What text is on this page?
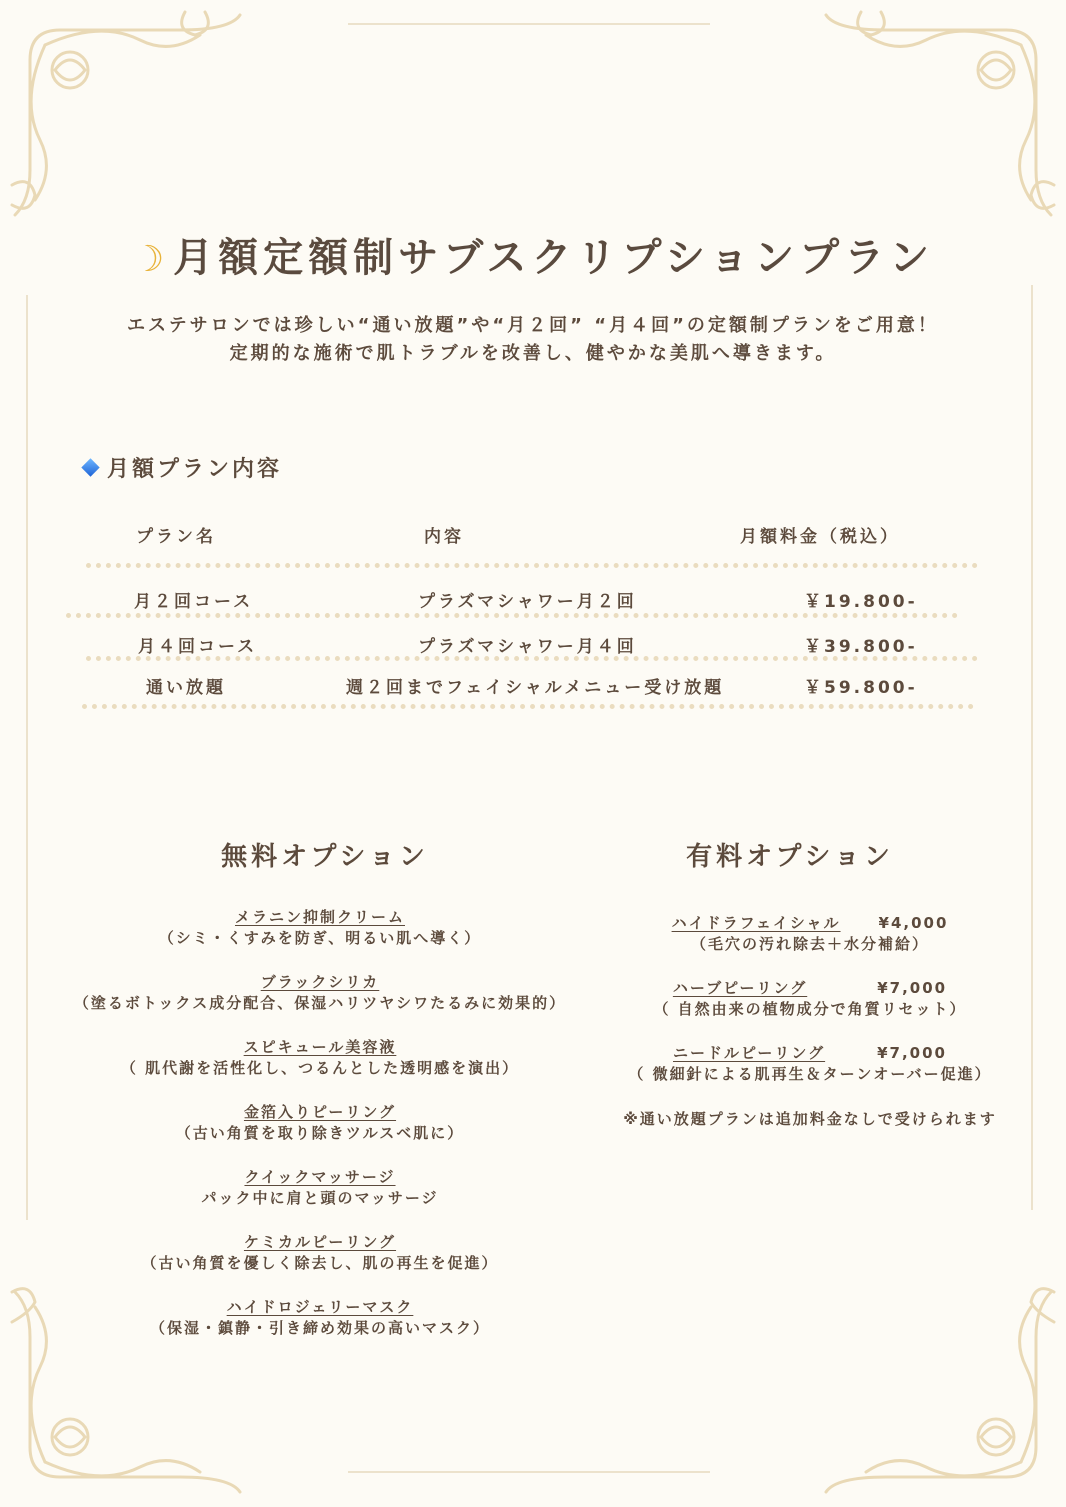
☽ 月額定額制サブスクリプションプラン
エステサロンでは珍しい“通い放題”や“月２回” “月４回”の定額制プランをご用意！
定期的な施術で肌トラブルを改善し、健やかな美肌へ導きます。
月額プラン内容
プラン名	内容	月額料金（税込）
月２回コース	プラズマシャワー月２回	￥19.800-
月４回コース	プラズマシャワー月４回	￥39.800-
通い放題	週２回までフェイシャルメニュー受け放題	￥59.800-
無料オプション
メラニン抑制クリーム
（シミ・くすみを防ぎ、明るい肌へ導く）
ブラックシリカ
（塗るボトックス成分配合、保湿ハリツヤシワたるみに効果的）
スピキュール美容液
（ 肌代謝を活性化し、つるんとした透明感を演出）
金箔入りピーリング
（古い角質を取り除きツルスベ肌に）
クイックマッサージ
パック中に肩と頭のマッサージ
ケミカルピーリング
（古い角質を優しく除去し、肌の再生を促進）
ハイドロジェリーマスク
（保湿・鎮静・引き締め効果の高いマスク）
有料オプション
ハイドラフェイシャル	¥4,000
（毛穴の汚れ除去＋水分補給）
ハーブピーリング	¥7,000
（ 自然由来の植物成分で角質リセット）
ニードルピーリング	¥7,000
（ 微細針による肌再生＆ターンオーバー促進）
※通い放題プランは追加料金なしで受けられます
